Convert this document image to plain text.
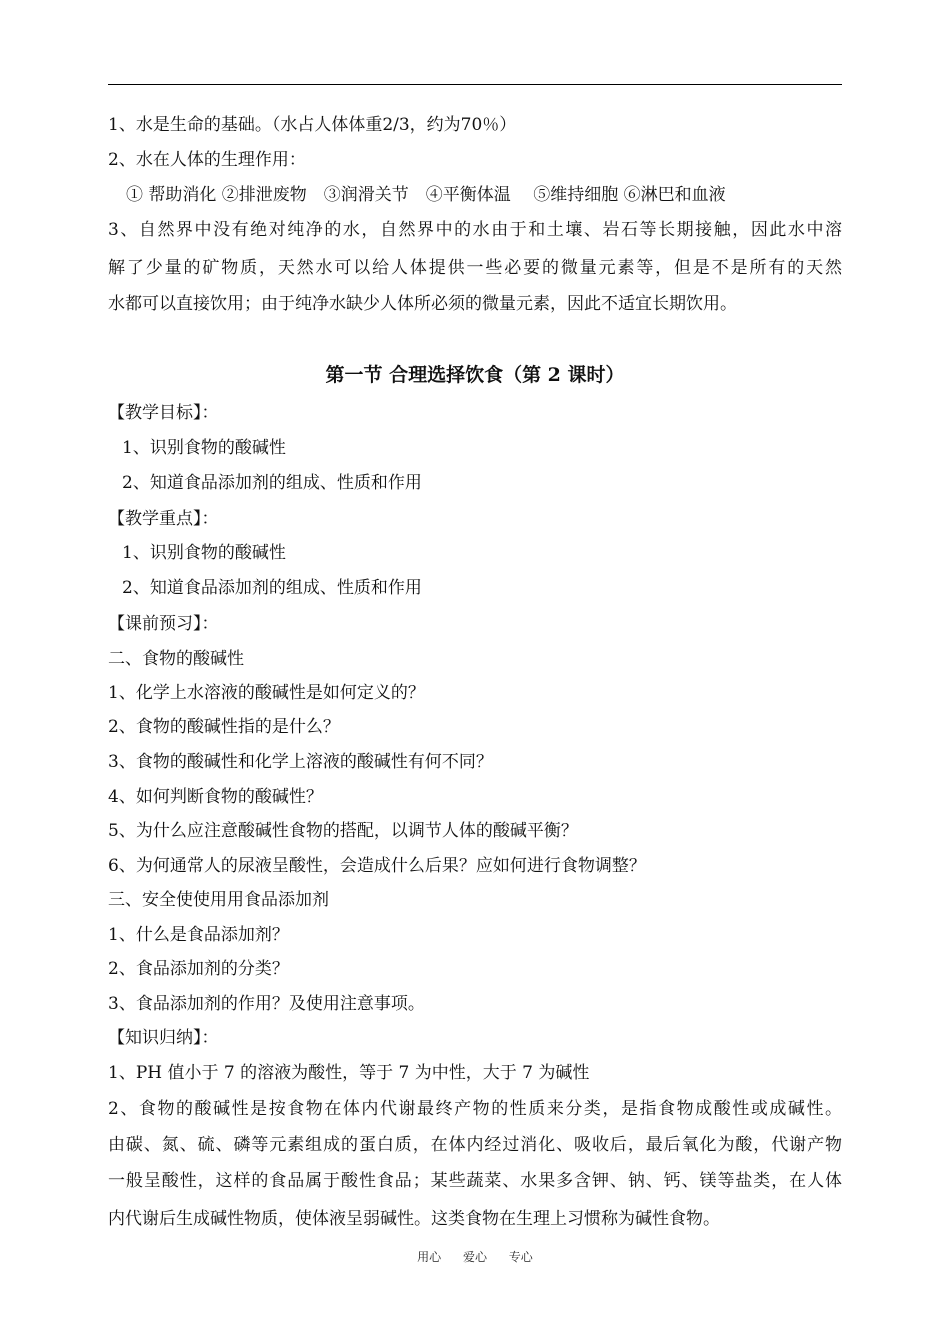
1、水是生命的基础。（水占人体体重2/3，约为70％）
2、水在人体的生理作用：
① 帮助消化 ②排泄废物　③润滑关节　④平衡体温　 ⑤维持细胞 ⑥淋巴和血液
3、自然界中没有绝对纯净的水，自然界中的水由于和土壤、岩石等长期接触，因此水中溶
解了少量的矿物质，天然水可以给人体提供一些必要的微量元素等，但是不是所有的天然
水都可以直接饮用；由于纯净水缺少人体所必须的微量元素，因此不适宜长期饮用。
第一节 合理选择饮食（第 2 课时）
【教学目标】：
1、识别食物的酸碱性
2、知道食品添加剂的组成、性质和作用
【教学重点】：
1、识别食物的酸碱性
2、知道食品添加剂的组成、性质和作用
【课前预习】：
二、食物的酸碱性
1、化学上水溶液的酸碱性是如何定义的？
2、食物的酸碱性指的是什么？
3、食物的酸碱性和化学上溶液的酸碱性有何不同？
4、如何判断食物的酸碱性？
5、为什么应注意酸碱性食物的搭配，以调节人体的酸碱平衡？
6、为何通常人的尿液呈酸性，会造成什么后果？应如何进行食物调整？
三、安全使使用用食品添加剂
1、什么是食品添加剂？
2、食品添加剂的分类？
3、食品添加剂的作用？及使用注意事项。
【知识归纳】：
1、PH 值小于 7 的溶液为酸性，等于 7 为中性，大于 7 为碱性
2、食物的酸碱性是按食物在体内代谢最终产物的性质来分类，是指食物成酸性或成碱性。
由碳、氮、硫、磷等元素组成的蛋白质，在体内经过消化、吸收后，最后氧化为酸，代谢产物
一般呈酸性，这样的食品属于酸性食品；某些蔬菜、水果多含钾、钠、钙、镁等盐类，在人体
内代谢后生成碱性物质，使体液呈弱碱性。这类食物在生理上习惯称为碱性食物。
用心 爱心 专心
